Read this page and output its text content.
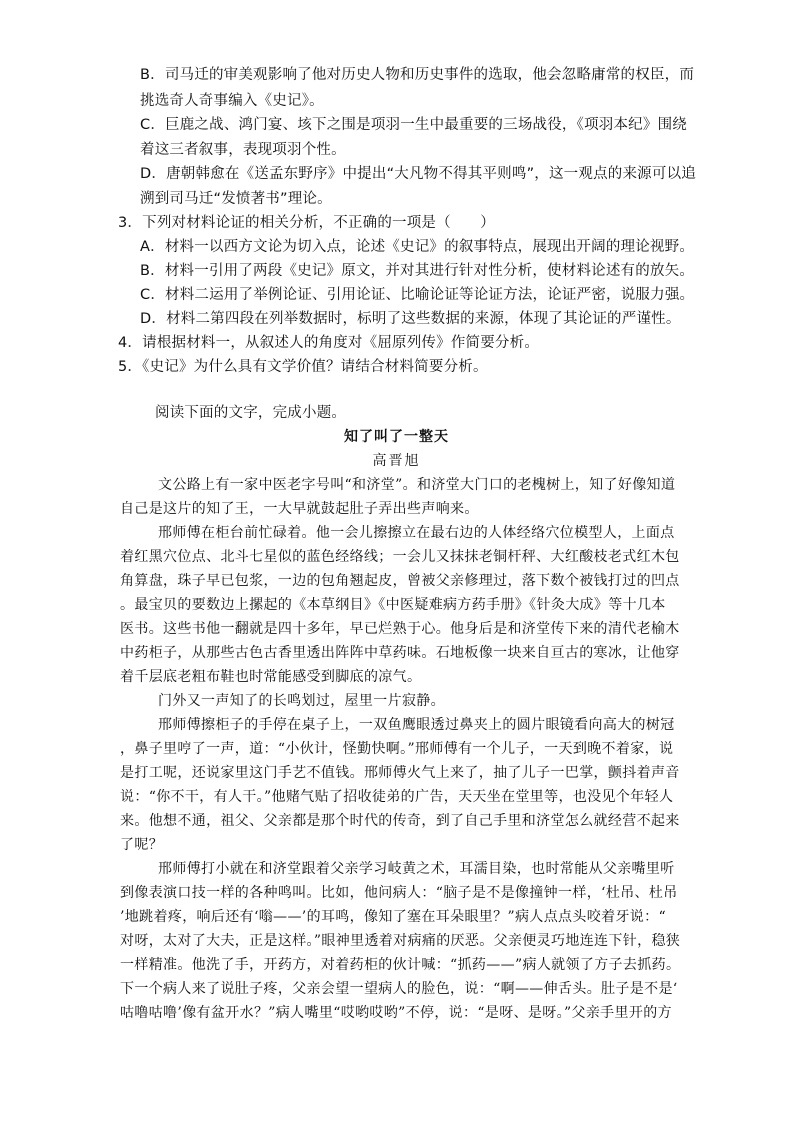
B．司马迁的审美观影响了他对历史人物和历史事件的选取，他会忽略庸常的权臣，而
挑选奇人奇事编入《史记》。
C．巨鹿之战、鸿门宴、垓下之围是项羽一生中最重要的三场战役，《项羽本纪》围绕
着这三者叙事，表现项羽个性。
D．唐朝韩愈在《送孟东野序》中提出“大凡物不得其平则鸣”，这一观点的来源可以追
溯到司马迁“发愤著书”理论。
3．下列对材料论证的相关分析，不正确的一项是（　　）
A．材料一以西方文论为切入点，论述《史记》的叙事特点，展现出开阔的理论视野。
B．材料一引用了两段《史记》原文，并对其进行针对性分析，使材料论述有的放矢。
C．材料二运用了举例论证、引用论证、比喻论证等论证方法，论证严密，说服力强。
D．材料二第四段在列举数据时，标明了这些数据的来源，体现了其论证的严谨性。
4．请根据材料一，从叙述人的角度对《屈原列传》作简要分析。
5．《史记》为什么具有文学价值？请结合材料简要分析。
阅读下面的文字，完成小题。
知了叫了一整天
高晋旭
文公路上有一家中医老字号叫“和济堂”。和济堂大门口的老槐树上，知了好像知道
自己是这片的知了王，一大早就鼓起肚子弄出些声响来。
邢师傅在柜台前忙碌着。他一会儿擦擦立在最右边的人体经络穴位模型人，上面点
着红黑穴位点、北斗七星似的蓝色经络线；一会儿又抹抹老铜杆秤、大红酸枝老式红木包
角算盘，珠子早已包浆，一边的包角翘起皮，曾被父亲修理过，落下数个被钱打过的凹点
。最宝贝的要数边上摞起的《本草纲目》《中医疑难病方药手册》《针灸大成》等十几本
医书。这些书他一翻就是四十多年，早已烂熟于心。他身后是和济堂传下来的清代老榆木
中药柜子，从那些古色古香里透出阵阵中草药味。石地板像一块来自亘古的寒冰，让他穿
着千层底老粗布鞋也时常能感受到脚底的凉气。
门外又一声知了的长鸣划过，屋里一片寂静。
邢师傅擦柜子的手停在桌子上，一双鱼鹰眼透过鼻夹上的圆片眼镜看向高大的树冠
，鼻子里哼了一声，道：“小伙计，怪勤快啊。”邢师傅有一个儿子，一天到晚不着家，说
是打工呢，还说家里这门手艺不值钱。邢师傅火气上来了，抽了儿子一巴掌，颤抖着声音
说：“你不干，有人干。”他赌气贴了招收徒弟的广告，天天坐在堂里等，也没见个年轻人
来。他想不通，祖父、父亲都是那个时代的传奇，到了自己手里和济堂怎么就经营不起来
了呢？
邢师傅打小就在和济堂跟着父亲学习岐黄之术，耳濡目染，也时常能从父亲嘴里听
到像表演口技一样的各种鸣叫。比如，他问病人：“脑子是不是像撞钟一样，‘杜吊、杜吊
’地跳着疼，响后还有‘嗡——’的耳鸣，像知了塞在耳朵眼里？”病人点点头咬着牙说：“
对呀，太对了大夫，正是这样。”眼神里透着对病痛的厌恶。父亲便灵巧地连连下针，稳狭
一样精准。他洗了手，开药方，对着药柜的伙计喊：“抓药——”病人就领了方子去抓药。
下一个病人来了说肚子疼，父亲会望一望病人的脸色，说：“啊——伸舌头。肚子是不是‘
咕噜咕噜’像有盆开水？”病人嘴里“哎哟哎哟”不停，说：“是呀、是呀。”父亲手里开的方
